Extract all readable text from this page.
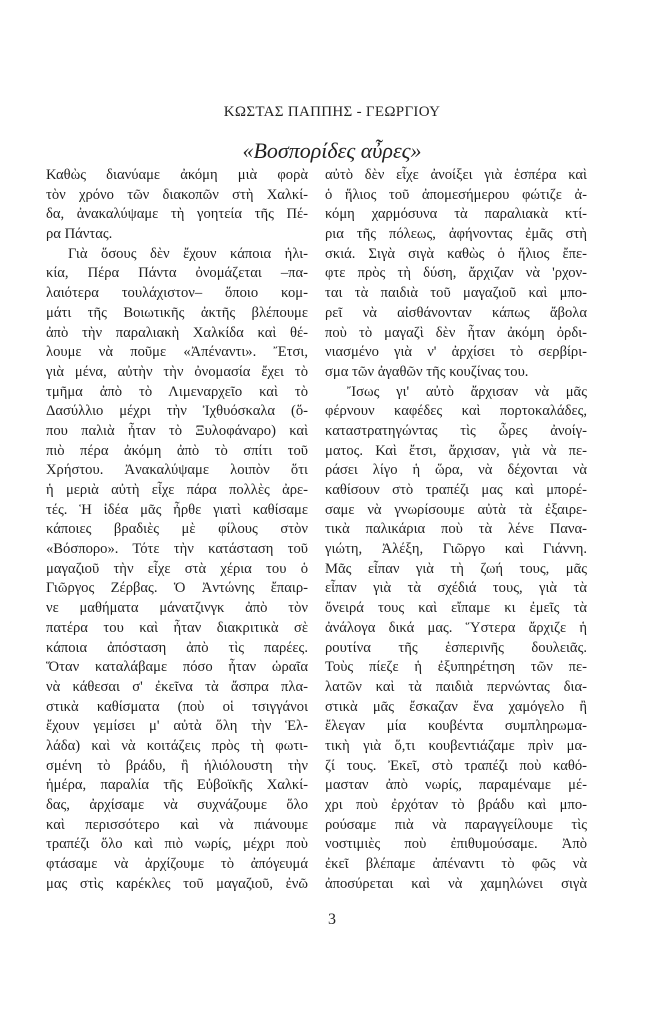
ΚΩΣΤΑΣ ΠΑΠΠΗΣ - ΓΕΩΡΓΙΟΥ
«Βοσπορίδες αὖρες»
Καθὼς διανύαμε ἀκόμη μιὰ φορὰ
τὸν χρόνο τῶν διακοπῶν στὴ Χαλκί-
δα, ἀνακαλύψαμε τὴ γοητεία τῆς Πέ-
ρα Πάντας.
Γιὰ ὅσους δὲν ἔχουν κάποια ἡλι-
κία, Πέρα Πάντα ὀνομάζεται –πα-
λαιότερα τουλάχιστον– ὅποιο κομ-
μάτι τῆς Βοιωτικῆς ἀκτῆς βλέπουμε
ἀπὸ τὴν παραλιακὴ Χαλκίδα καὶ θέ-
λουμε νὰ ποῦμε «Ἀπέναντι». Ἔτσι,
γιὰ μένα, αὐτὴν τὴν ὀνομασία ἔχει τὸ
τμῆμα ἀπὸ τὸ Λιμεναρχεῖο καὶ τὸ
Δασύλλιο μέχρι τὴν Ἰχθυόσκαλα (ὅ-
που παλιὰ ἦταν τὸ Ξυλοφάναρο) καὶ
πιὸ πέρα ἀκόμη ἀπὸ τὸ σπίτι τοῦ
Χρήστου. Ἀνακαλύψαμε λοιπὸν ὅτι
ἡ μεριὰ αὐτὴ εἶχε πάρα πολλὲς ἀρε-
τές. Ἡ ἰδέα μᾶς ἦρθε γιατὶ καθίσαμε
κάποιες βραδιὲς μὲ φίλους στὸν
«Βόσπορο». Τότε τὴν κατάσταση τοῦ
μαγαζιοῦ τὴν εἶχε στὰ χέρια του ὁ
Γιῶργος Ζέρβας. Ὁ Ἀντώνης ἔπαιρ-
νε μαθήματα μάνατζινγκ ἀπὸ τὸν
πατέρα του καὶ ἦταν διακριτικὰ σὲ
κάποια ἀπόσταση ἀπὸ τὶς παρέες.
Ὅταν καταλάβαμε πόσο ἦταν ὡραῖα
νὰ κάθεσαι σ' ἐκεῖνα τὰ ἄσπρα πλα-
στικὰ καθίσματα (ποὺ οἱ τσιγγάνοι
ἔχουν γεμίσει μ' αὐτὰ ὅλη τὴν Ἑλ-
λάδα) καὶ νὰ κοιτάζεις πρὸς τὴ φωτι-
σμένη τὸ βράδυ, ἢ ἡλιόλουστη τὴν
ἡμέρα, παραλία τῆς Εὐβοϊκῆς Χαλκί-
δας, ἀρχίσαμε νὰ συχνάζουμε ὅλο
καὶ περισσότερο καὶ νὰ πιάνουμε
τραπέζι ὅλο καὶ πιὸ νωρίς, μέχρι ποὺ
φτάσαμε νὰ ἀρχίζουμε τὸ ἀπόγευμά
μας στὶς καρέκλες τοῦ μαγαζιοῦ, ἐνῶ
αὐτὸ δὲν εἶχε ἀνοίξει γιὰ ἑσπέρα καὶ
ὁ ἥλιος τοῦ ἀπομεσήμερου φώτιζε ἀ-
κόμη χαρμόσυνα τὰ παραλιακὰ κτί-
ρια τῆς πόλεως, ἀφήνοντας ἐμᾶς στὴ
σκιά. Σιγὰ σιγὰ καθὼς ὁ ἥλιος ἔπε-
φτε πρὸς τὴ δύση, ἄρχιζαν νὰ 'ρχον-
ται τὰ παιδιὰ τοῦ μαγαζιοῦ καὶ μπο-
ρεῖ νὰ αἰσθάνονταν κάπως ἄβολα
ποὺ τὸ μαγαζὶ δὲν ἦταν ἀκόμη ὀρδι-
νιασμένο γιὰ ν' ἀρχίσει τὸ σερβίρι-
σμα τῶν ἀγαθῶν τῆς κουζίνας του.
Ἴσως γι' αὐτὸ ἄρχισαν νὰ μᾶς
φέρνουν καφέδες καὶ πορτοκαλάδες,
καταστρατηγώντας τὶς ὧρες ἀνοίγ-
ματος. Καὶ ἔτσι, ἄρχισαν, γιὰ νὰ πε-
ράσει λίγο ἡ ὥρα, νὰ δέχονται νὰ
καθίσουν στὸ τραπέζι μας καὶ μπορέ-
σαμε νὰ γνωρίσουμε αὐτὰ τὰ ἐξαιρε-
τικὰ παλικάρια ποὺ τὰ λένε Πανα-
γιώτη, Ἀλέξη, Γιῶργο καὶ Γιάννη.
Μᾶς εἶπαν γιὰ τὴ ζωή τους, μᾶς
εἶπαν γιὰ τὰ σχέδιά τους, γιὰ τὰ
ὄνειρά τους καὶ εἴπαμε κι ἐμεῖς τὰ
ἀνάλογα δικά μας. Ὕστερα ἄρχιζε ἡ
ρουτίνα τῆς ἑσπερινῆς δουλειᾶς.
Τοὺς πίεζε ἡ ἐξυπηρέτηση τῶν πε-
λατῶν καὶ τὰ παιδιὰ περνώντας δια-
στικὰ μᾶς ἔσκαζαν ἕνα χαμόγελο ἢ
ἔλεγαν μία κουβέντα συμπληρωμα-
τικὴ γιὰ ὅ,τι κουβεντιάζαμε πρὶν μα-
ζί τους. Ἐκεῖ, στὸ τραπέζι ποὺ καθό-
μασταν ἀπὸ νωρίς, παραμέναμε μέ-
χρι ποὺ ἐρχόταν τὸ βράδυ καὶ μπο-
ρούσαμε πιὰ νὰ παραγγείλουμε τὶς
νοστιμιὲς ποὺ ἐπιθυμούσαμε. Ἀπὸ
ἐκεῖ βλέπαμε ἀπέναντι τὸ φῶς νὰ
ἀποσύρεται καὶ νὰ χαμηλώνει σιγὰ
3
